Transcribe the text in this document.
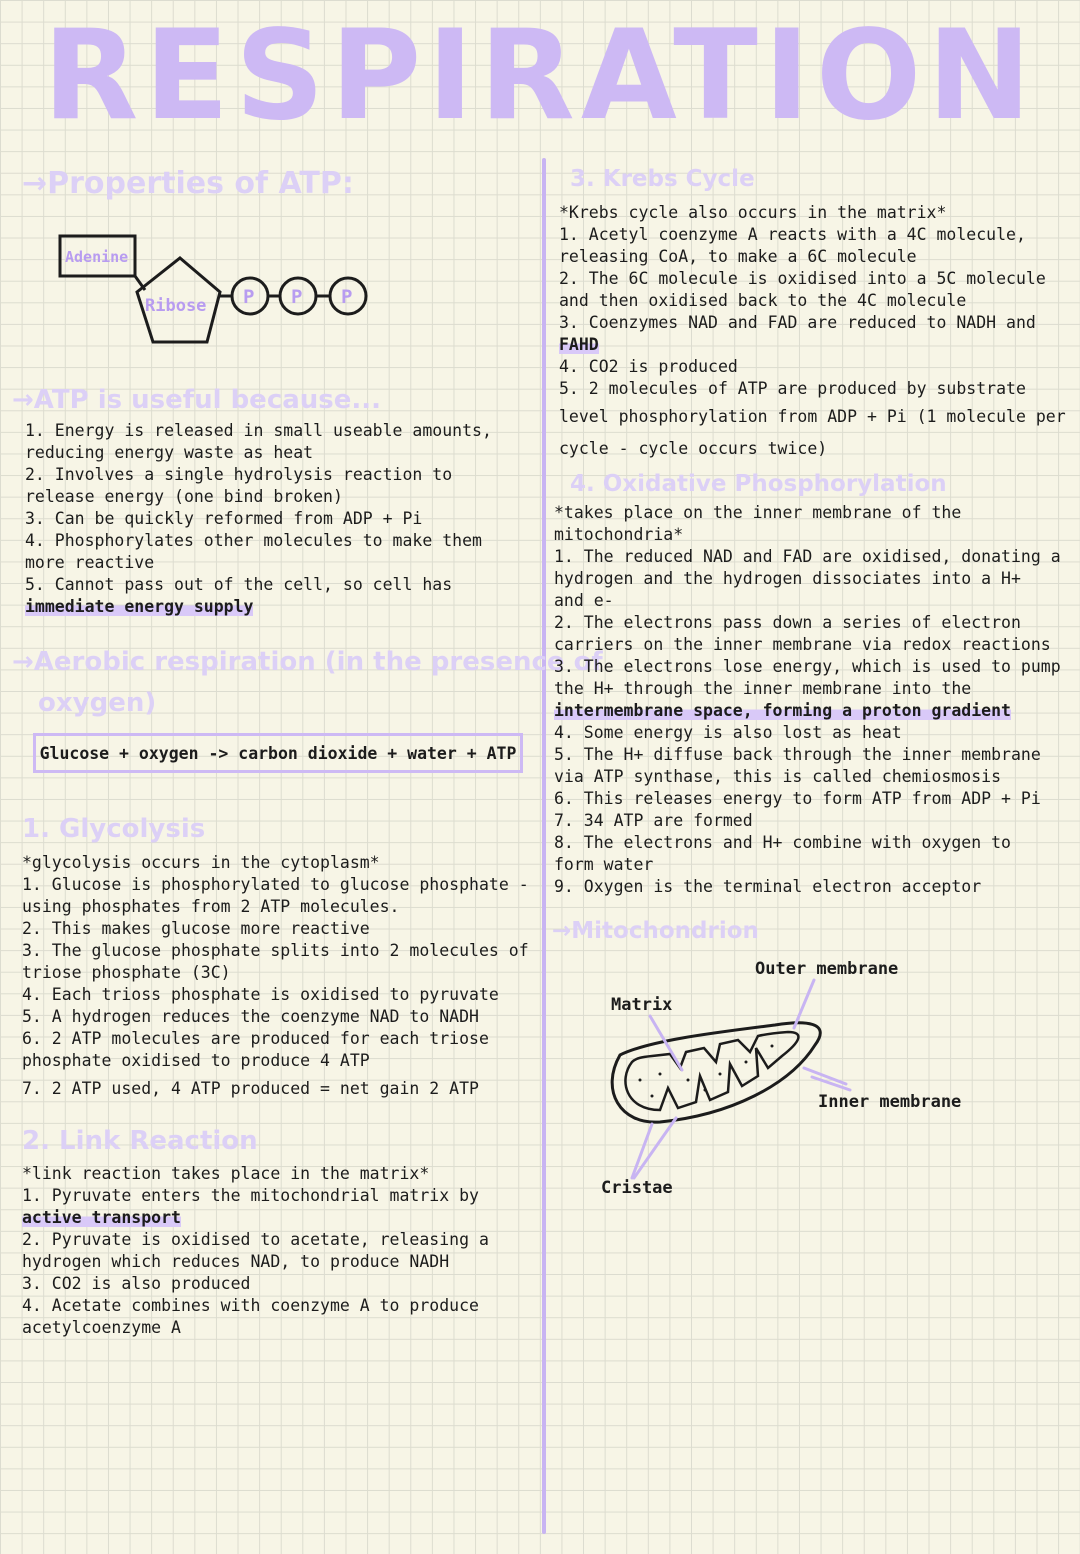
RESPIRATION
→Properties of ATP:
Adenine
Ribose P P P
→ATP is useful because...

1. Energy is released in small useable amounts,

reducing energy waste as heat

2. Involves a single hydrolysis reaction to

release energy (one bind broken)

3. Can be quickly reformed from ADP + Pi

4. Phosphorylates other molecules to make them

more reactive

5. Cannot pass out of the cell, so cell has

immediate energy supply

→Aerobic respiration (in the presence of
oxygen)
Glucose + oxygen -> carbon dioxide + water + ATP
1. Glycolysis

*glycolysis occurs in the cytoplasm*

1. Glucose is phosphorylated to glucose phosphate -

using phosphates from 2 ATP molecules.

2. This makes glucose more reactive

3. The glucose phosphate splits into 2 molecules of

triose phosphate (3C)

4. Each trioss phosphate is oxidised to pyruvate

5. A hydrogen reduces the coenzyme NAD to NADH

6. 2 ATP molecules are produced for each triose

phosphate oxidised to produce 4 ATP

7. 2 ATP used, 4 ATP produced = net gain 2 ATP

2. Link Reaction

*link reaction takes place in the matrix*

1. Pyruvate enters the mitochondrial matrix by

active transport

2. Pyruvate is oxidised to acetate, releasing a

hydrogen which reduces NAD, to produce NADH

3. CO2 is also produced

4. Acetate combines with coenzyme A to produce

acetylcoenzyme A

3. Krebs Cycle

*Krebs cycle also occurs in the matrix*

1. Acetyl coenzyme A reacts with a 4C molecule,

releasing CoA, to make a 6C molecule

2. The 6C molecule is oxidised into a 5C molecule

and then oxidised back to the 4C molecule

3. Coenzymes NAD and FAD are reduced to NADH and

FAHD

4. CO2 is produced

5. 2 molecules of ATP are produced by substrate

level phosphorylation from ADP + Pi (1 molecule per

cycle - cycle occurs twice)

4. Oxidative Phosphorylation

*takes place on the inner membrane of the

mitochondria*

1. The reduced NAD and FAD are oxidised, donating a

hydrogen and the hydrogen dissociates into a H+

and e-

2. The electrons pass down a series of electron

carriers on the inner membrane via redox reactions

3. The electrons lose energy, which is used to pump

the H+ through the inner membrane into the

intermembrane space, forming a proton gradient

4. Some energy is also lost as heat

5. The H+ diffuse back through the inner membrane

via ATP synthase, this is called chemiosmosis

6. This releases energy to form ATP from ADP + Pi

7. 34 ATP are formed

8. The electrons and H+ combine with oxygen to

form water

9. Oxygen is the terminal electron acceptor

→Mitochondrion
Outer membrane
Matrix
Inner membrane
Cristae
